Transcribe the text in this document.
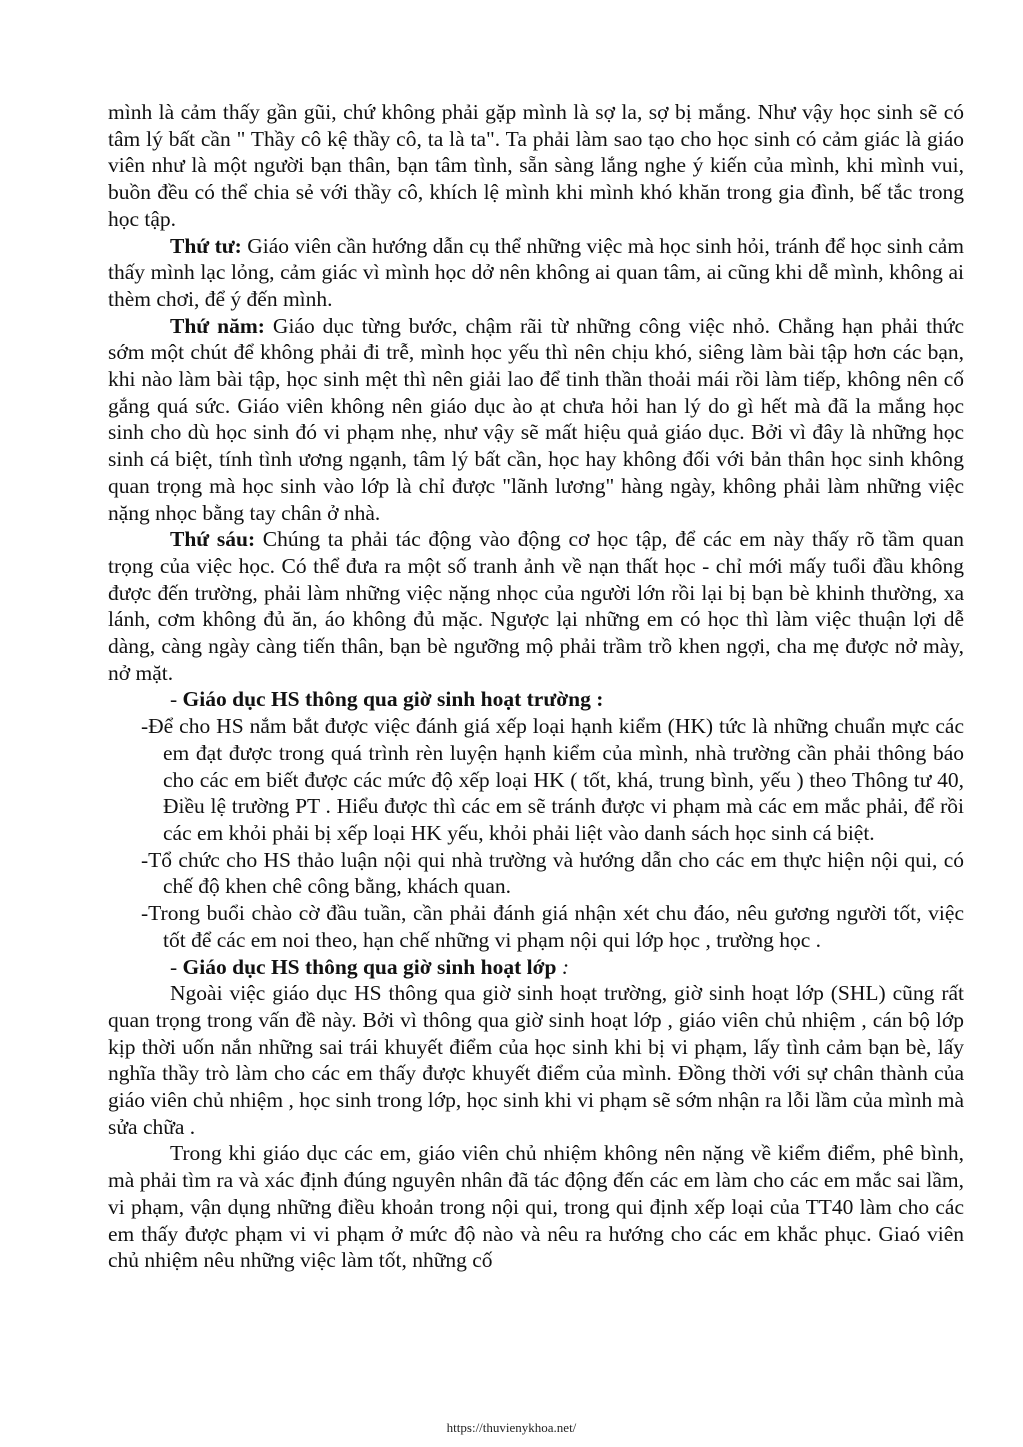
mình là cảm thấy gần gũi, chứ không phải gặp mình là sợ la, sợ bị mắng. Như vậy học sinh sẽ có tâm lý bất cần " Thầy cô kệ thầy cô, ta là ta". Ta phải làm sao tạo cho học sinh có cảm giác là giáo viên như là một người bạn thân, bạn tâm tình, sẵn sàng lắng nghe ý kiến của mình, khi mình vui, buồn đều có thể chia sẻ với thầy cô, khích lệ mình khi mình khó khăn trong gia đình, bế tắc trong học tập.

Thứ tư: Giáo viên cần hướng dẫn cụ thể những việc mà học sinh hỏi, tránh để học sinh cảm thấy mình lạc lỏng, cảm giác vì mình học dở nên không ai quan tâm, ai cũng khi dễ mình, không ai thèm chơi, để ý đến mình.

Thứ năm: Giáo dục từng bước, chậm rãi từ những công việc nhỏ. Chẳng hạn phải thức sớm một chút để không phải đi trễ, mình học yếu thì nên chịu khó, siêng làm bài tập hơn các bạn, khi nào làm bài tập, học sinh mệt thì nên giải lao để tinh thần thoải mái rồi làm tiếp, không nên cố gắng quá sức. Giáo viên không nên giáo dục ào ạt chưa hỏi han lý do gì hết mà đã la mắng học sinh cho dù học sinh đó vi phạm nhẹ, như vậy sẽ mất hiệu quả giáo dục. Bởi vì đây là những học sinh cá biệt, tính tình ương ngạnh, tâm lý bất cần, học hay không đối với bản thân học sinh không quan trọng mà học sinh vào lớp là chỉ được "lãnh lương" hàng ngày, không phải làm những việc nặng nhọc bằng tay chân ở nhà.

Thứ sáu: Chúng ta phải tác động vào động cơ học tập, để các em này thấy rõ tầm quan trọng của việc học. Có thể đưa ra một số tranh ảnh về nạn thất học - chỉ mới mấy tuổi đầu không được đến trường, phải làm những việc nặng nhọc của người lớn rồi lại bị bạn bè khinh thường, xa lánh, cơm không đủ ăn, áo không đủ mặc. Ngược lại những em có học thì làm việc thuận lợi dễ dàng, càng ngày càng tiến thân, bạn bè ngưỡng mộ phải trầm trồ khen ngợi, cha mẹ được nở mày, nở mặt.

- Giáo dục HS thông qua giờ sinh hoạt trường :

-Để cho HS nắm bắt được việc đánh giá xếp loại hạnh kiểm (HK) tức là những chuẩn mực các em đạt được trong quá trình rèn luyện hạnh kiểm của mình, nhà trường cần phải thông báo cho các em biết được các mức độ xếp loại HK ( tốt, khá, trung bình, yếu ) theo Thông tư 40, Điều lệ trường PT . Hiểu được thì các em sẽ tránh được vi phạm mà các em mắc phải, để rồi các em khỏi phải bị xếp loại HK yếu, khỏi phải liệt vào danh sách học sinh cá biệt.

-Tổ chức cho HS thảo luận nội qui nhà trường và hướng dẫn cho các em thực hiện nội qui, có chế độ khen chê công bằng, khách quan.

-Trong buổi chào cờ đầu tuần, cần phải đánh giá nhận xét chu đáo, nêu gương người tốt, việc tốt để các em noi theo, hạn chế những vi phạm nội qui lớp học , trường học .

- Giáo dục HS thông qua giờ sinh hoạt lớp :

Ngoài việc giáo dục HS thông qua giờ sinh hoạt trường, giờ sinh hoạt lớp (SHL) cũng rất quan trọng trong vấn đề này. Bởi vì thông qua giờ sinh hoạt lớp , giáo viên chủ nhiệm , cán bộ lớp kịp thời uốn nắn những sai trái khuyết điểm của học sinh khi bị vi phạm, lấy tình cảm bạn bè, lấy nghĩa thầy trò làm cho các em thấy được khuyết điểm của mình. Đồng thời với sự chân thành của giáo viên chủ nhiệm , học sinh trong lớp, học sinh khi vi phạm sẽ sớm nhận ra lỗi lầm của mình mà sửa chữa .

Trong khi giáo dục các em, giáo viên chủ nhiệm không nên nặng về kiểm điểm, phê bình, mà phải tìm ra và xác định đúng nguyên nhân đã tác động đến các em làm cho các em mắc sai lầm, vi phạm, vận dụng những điều khoản trong nội qui, trong qui định xếp loại của TT40 làm cho các em thấy được phạm vi vi phạm ở mức độ nào và nêu ra hướng cho các em khắc phục. Giaó viên chủ nhiệm nêu những việc làm tốt, những cố

https://thuvienykhoa.net/
